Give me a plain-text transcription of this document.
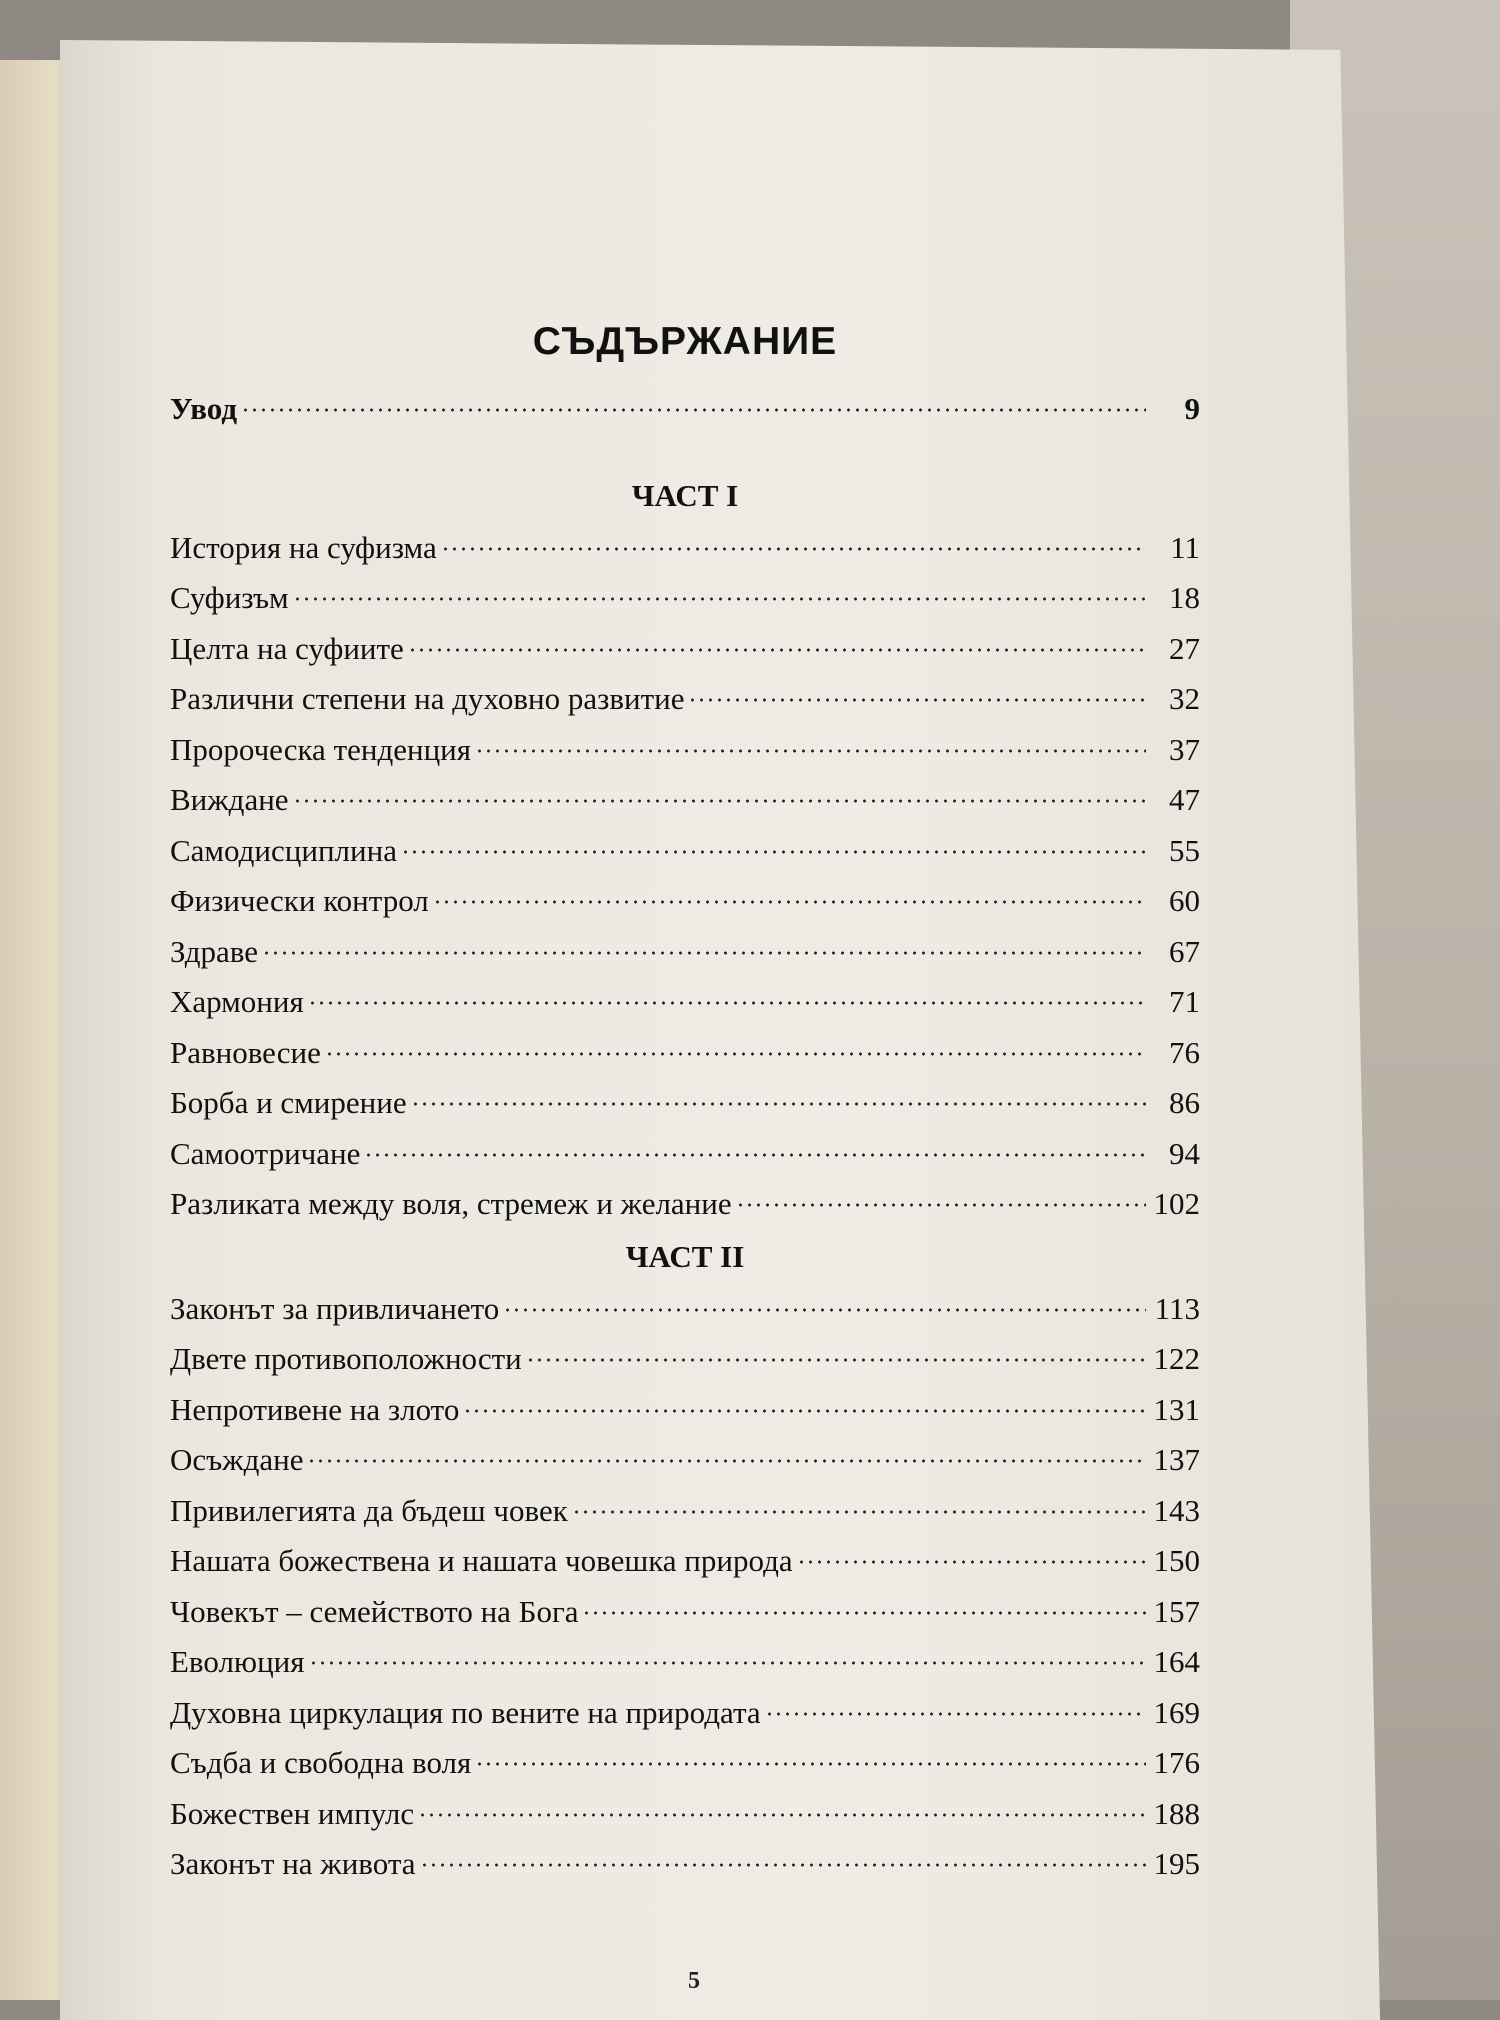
СЪДЪРЖАНИЕ
Увод	9
ЧАСТ І
История на суфизма	11
Суфизъм	18
Целта на суфиите	27
Различни степени на духовно развитие	32
Пророческа тенденция	37
Виждане	47
Самодисциплина	55
Физически контрол	60
Здраве	67
Хармония	71
Равновесие	76
Борба и смирение	86
Самоотричане	94
Разликата между воля, стремеж и желание	102
ЧАСТ ІІ
Законът за привличането	113
Двете противоположности	122
Непротивене на злото	131
Осъждане	137
Привилегията да бъдеш човек	143
Нашата божествена и нашата човешка природа	150
Човекът – семейството на Бога	157
Еволюция	164
Духовна циркулация по вените на природата	169
Съдба и свободна воля	176
Божествен импулс	188
Законът на живота	195
5
